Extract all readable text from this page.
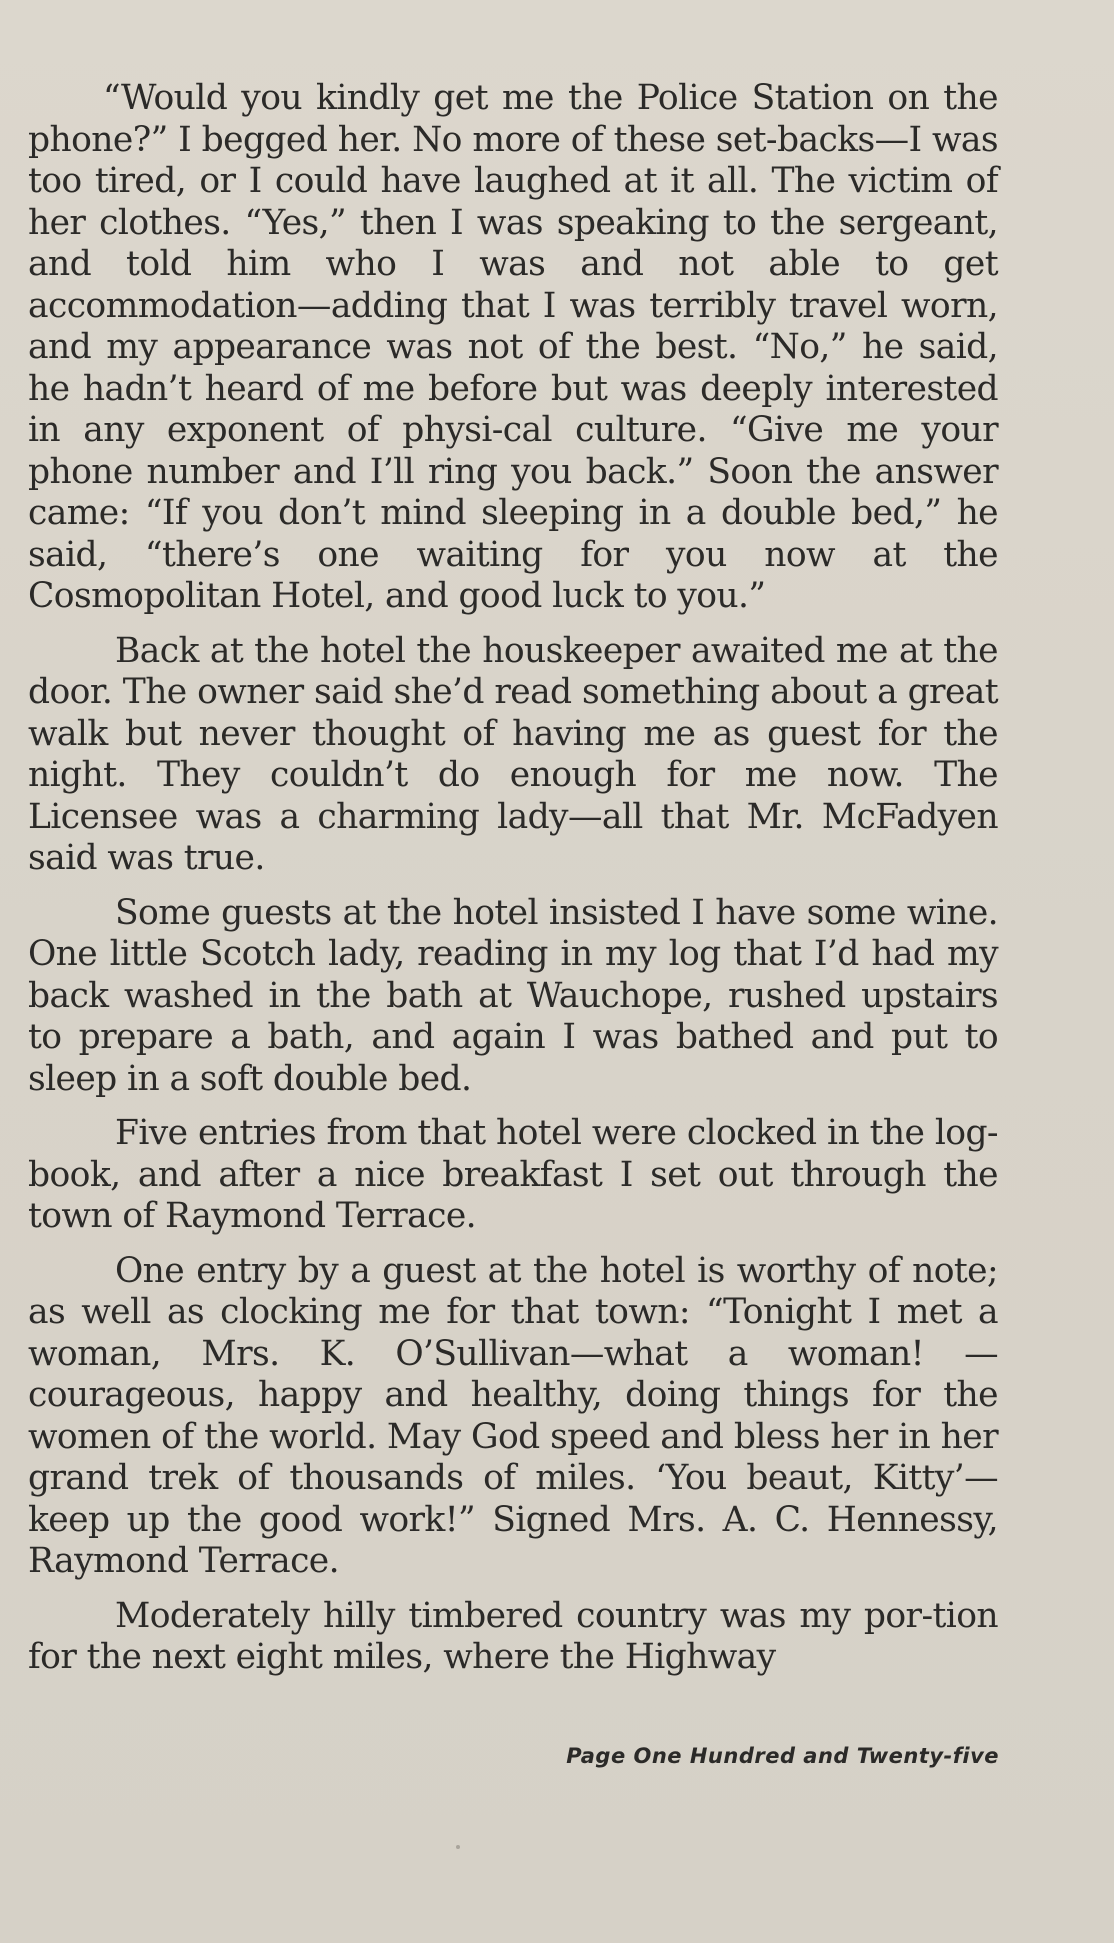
“Would you kindly get me the Police Station on the phone?” I begged her. No more of these set-backs—I was too tired, or I could have laughed at it all. The victim of her clothes. “Yes,” then I was speaking to the sergeant, and told him who I was and not able to get accommodation—adding that I was terribly travel worn, and my appearance was not of the best. “No,” he said, he hadn’t heard of me before but was deeply interested in any exponent of physi-cal culture. “Give me your phone number and I’ll ring you back.” Soon the answer came: “If you don’t mind sleeping in a double bed,” he said, “there’s one waiting for you now at the Cosmopolitan Hotel, and good luck to you.”

Back at the hotel the houskeeper awaited me at the door. The owner said she’d read something about a great walk but never thought of having me as guest for the night. They couldn’t do enough for me now. The Licensee was a charming lady—all that Mr. McFadyen said was true.

Some guests at the hotel insisted I have some wine. One little Scotch lady, reading in my log that I’d had my back washed in the bath at Wauchope, rushed upstairs to prepare a bath, and again I was bathed and put to sleep in a soft double bed.

Five entries from that hotel were clocked in the log-book, and after a nice breakfast I set out through the town of Raymond Terrace.

One entry by a guest at the hotel is worthy of note; as well as clocking me for that town: “Tonight I met a woman, Mrs. K. O’Sullivan—what a woman! —courageous, happy and healthy, doing things for the women of the world. May God speed and bless her in her grand trek of thousands of miles. ‘You beaut, Kitty’—keep up the good work!” Signed Mrs. A. C. Hennessy, Raymond Terrace.

Moderately hilly timbered country was my por-tion for the next eight miles, where the Highway

Page One Hundred and Twenty-five
